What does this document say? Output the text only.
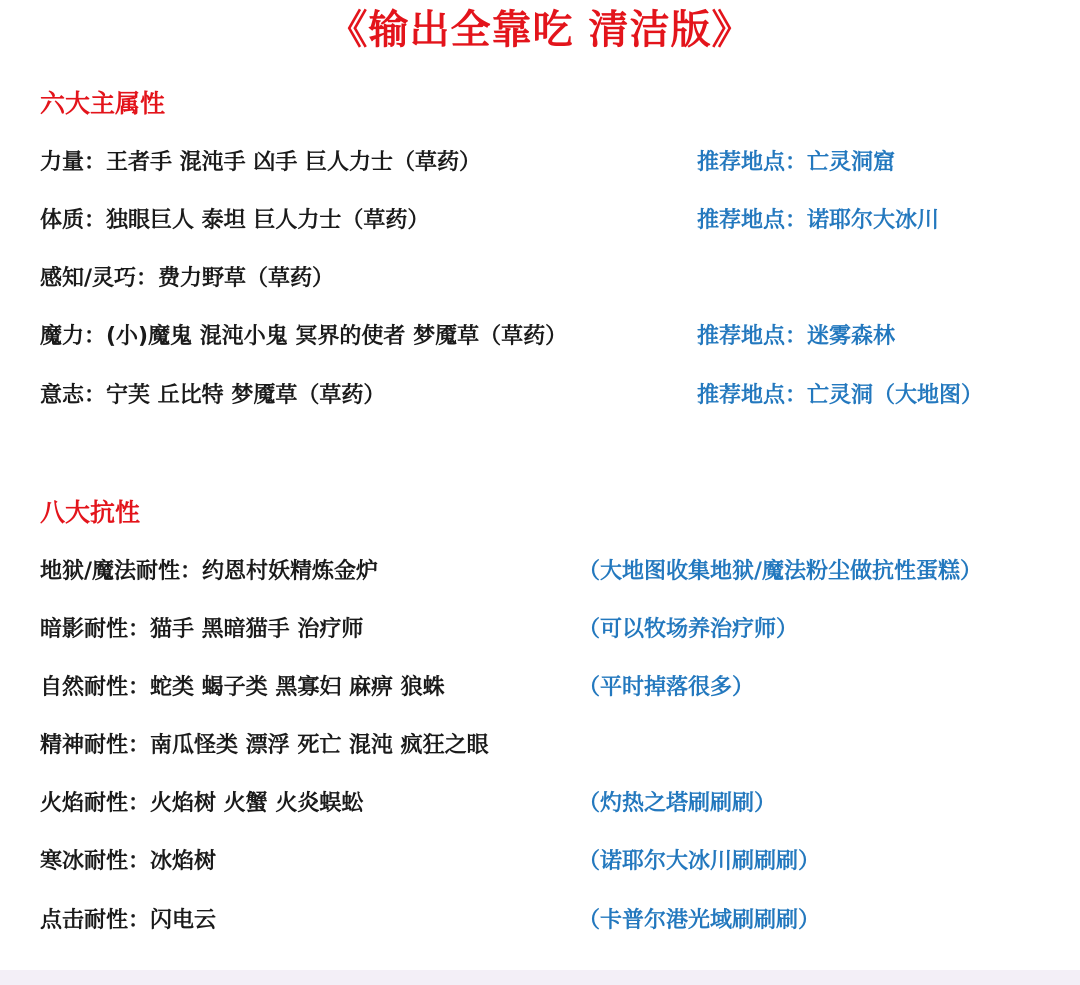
《输出全靠吃 清洁版》
六大主属性
力量：王者手 混沌手 凶手 巨人力士（草药）	推荐地点：亡灵洞窟
体质：独眼巨人 泰坦 巨人力士（草药）	推荐地点：诺耶尔大冰川
感知/灵巧：费力野草（草药）
魔力：(小)魔鬼 混沌小鬼 冥界的使者 梦魇草（草药）	推荐地点：迷雾森林
意志：宁芙 丘比特 梦魇草（草药）	推荐地点：亡灵洞（大地图）
八大抗性
地狱/魔法耐性：约恩村妖精炼金炉	（大地图收集地狱/魔法粉尘做抗性蛋糕）
暗影耐性：猫手 黑暗猫手 治疗师	（可以牧场养治疗师）
自然耐性：蛇类 蝎子类 黑寡妇 麻痹 狼蛛	（平时掉落很多）
精神耐性：南瓜怪类 漂浮 死亡 混沌 疯狂之眼
火焰耐性：火焰树 火蟹 火炎蜈蚣	（灼热之塔刷刷刷）
寒冰耐性：冰焰树	（诺耶尔大冰川刷刷刷）
点击耐性：闪电云	（卡普尔港光域刷刷刷）
